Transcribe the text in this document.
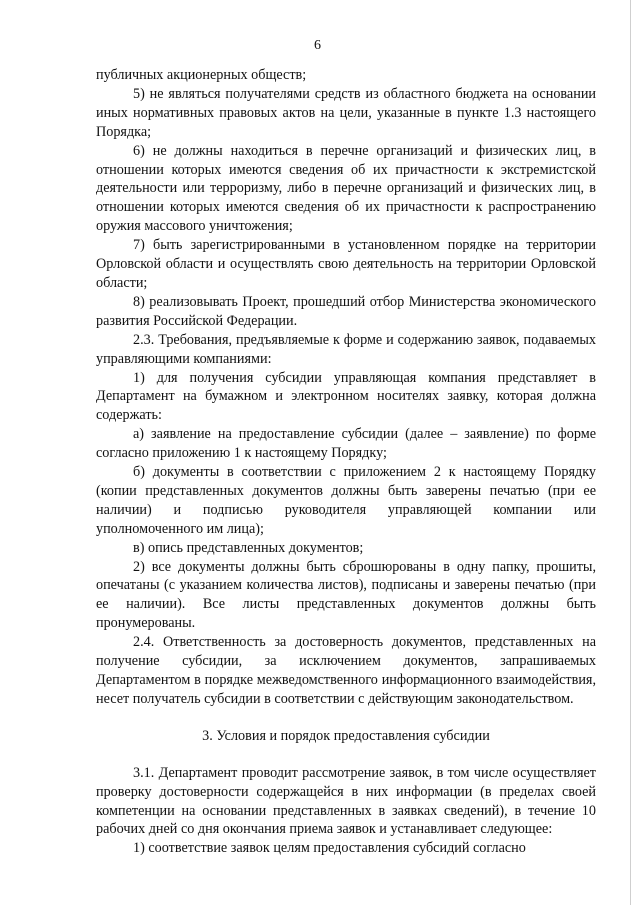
6

публичных акционерных обществ;

5) не являться получателями средств из областного бюджета на основании иных нормативных правовых актов на цели, указанные в пункте 1.3 настоящего Порядка;

6) не должны находиться в перечне организаций и физических лиц, в отношении которых имеются сведения об их причастности к экстремистской деятельности или терроризму, либо в перечне организаций и физических лиц, в отношении которых имеются сведения об их причастности к распространению оружия массового уничтожения;

7) быть зарегистрированными в установленном порядке на территории Орловской области и осуществлять свою деятельность на территории Орловской области;

8) реализовывать Проект, прошедший отбор Министерства экономического развития Российской Федерации.

2.3. Требования, предъявляемые к форме и содержанию заявок, подаваемых управляющими компаниями:

1) для получения субсидии управляющая компания представляет в Департамент на бумажном и электронном носителях заявку, которая должна содержать:

а) заявление на предоставление субсидии (далее – заявление) по форме согласно приложению 1 к настоящему Порядку;

б) документы в соответствии с приложением 2 к настоящему Порядку (копии представленных документов должны быть заверены печатью (при ее наличии) и подписью руководителя управляющей компании или уполномоченного им лица);

в) опись представленных документов;

2) все документы должны быть сброшюрованы в одну папку, прошиты, опечатаны (с указанием количества листов), подписаны и заверены печатью (при ее наличии). Все листы представленных документов должны быть пронумерованы.

2.4. Ответственность за достоверность документов, представленных на получение субсидии, за исключением документов, запрашиваемых Департаментом в порядке межведомственного информационного взаимодействия, несет получатель субсидии в соответствии с действующим законодательством.

3. Условия и порядок предоставления субсидии

3.1. Департамент проводит рассмотрение заявок, в том числе осуществляет проверку достоверности содержащейся в них информации (в пределах своей компетенции на основании представленных в заявках сведений), в течение 10 рабочих дней со дня окончания приема заявок и устанавливает следующее:

1) соответствие заявок целям предоставления субсидий согласно
